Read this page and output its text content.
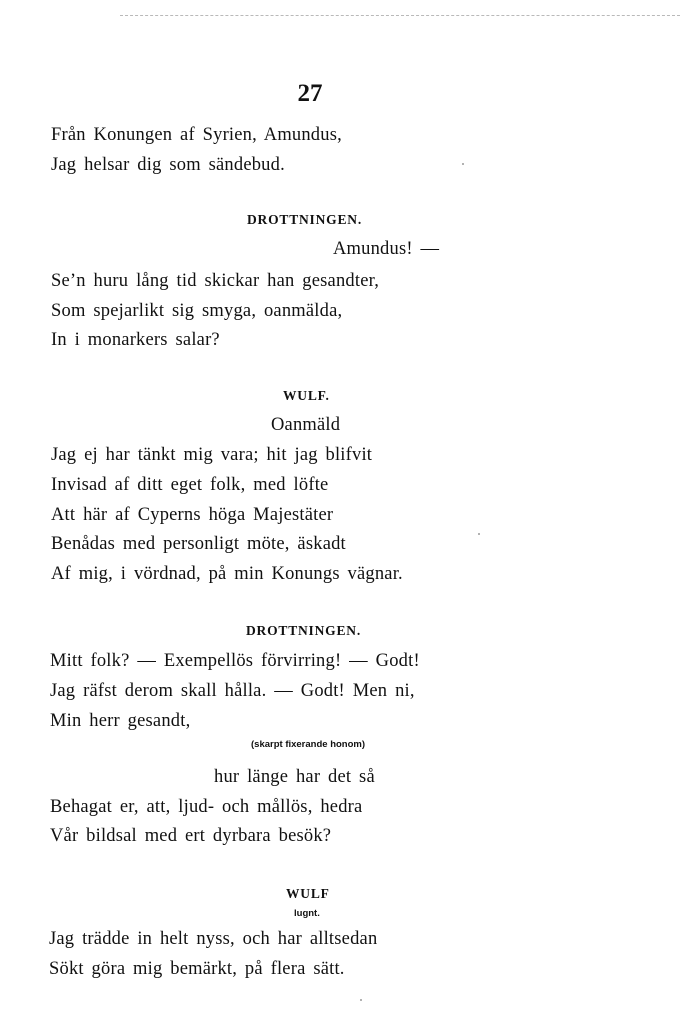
27
Från Konungen af Syrien, Amundus,
Jag helsar dig som sändebud.
DROTTNINGEN.
Amundus! —
Se’n huru lång tid skickar han gesandter,
Som spejarlikt sig smyga, oanmälda,
In i monarkers salar?
WULF.
Oanmäld
Jag ej har tänkt mig vara; hit jag blifvit
Invisad af ditt eget folk, med löfte
Att här af Cyperns höga Majestäter
Benådas med personligt möte, äskadt
Af mig, i vördnad, på min Konungs vägnar.
DROTTNINGEN.
Mitt folk? — Exempellös förvirring! — Godt!
Jag räfst derom skall hålla. — Godt! Men ni,
Min herr gesandt,
(skarpt fixerande honom)
hur länge har det så
Behagat er, att, ljud- och mållös, hedra
Vår bildsal med ert dyrbara besök?
WULF
lugnt.
Jag trädde in helt nyss, och har alltsedan
Sökt göra mig bemärkt, på flera sätt.
